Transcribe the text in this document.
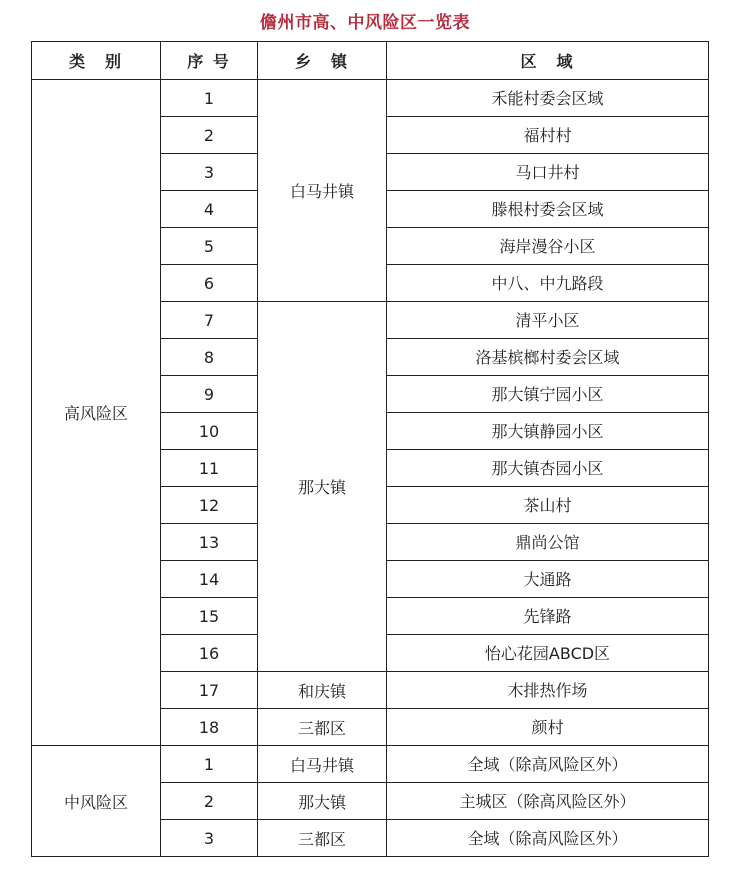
儋州市高、中风险区一览表
类　别	序 号	乡　镇	区　域
高风险区	1	白马井镇	禾能村委会区域
	2		福村村
	3		马口井村
	4		滕根村委会区域
	5		海岸漫谷小区
	6		中八、中九路段
	7	那大镇	清平小区
	8		洛基槟榔村委会区域
	9		那大镇宁园小区
	10		那大镇静园小区
	11		那大镇杏园小区
	12		茶山村
	13		鼎尚公馆
	14		大通路
	15		先锋路
	16		怡心花园ABCD区
	17	和庆镇	木排热作场
	18	三都区	颜村
中风险区	1	白马井镇	全域（除高风险区外）
	2	那大镇	主城区（除高风险区外）
	3	三都区	全域（除高风险区外）
